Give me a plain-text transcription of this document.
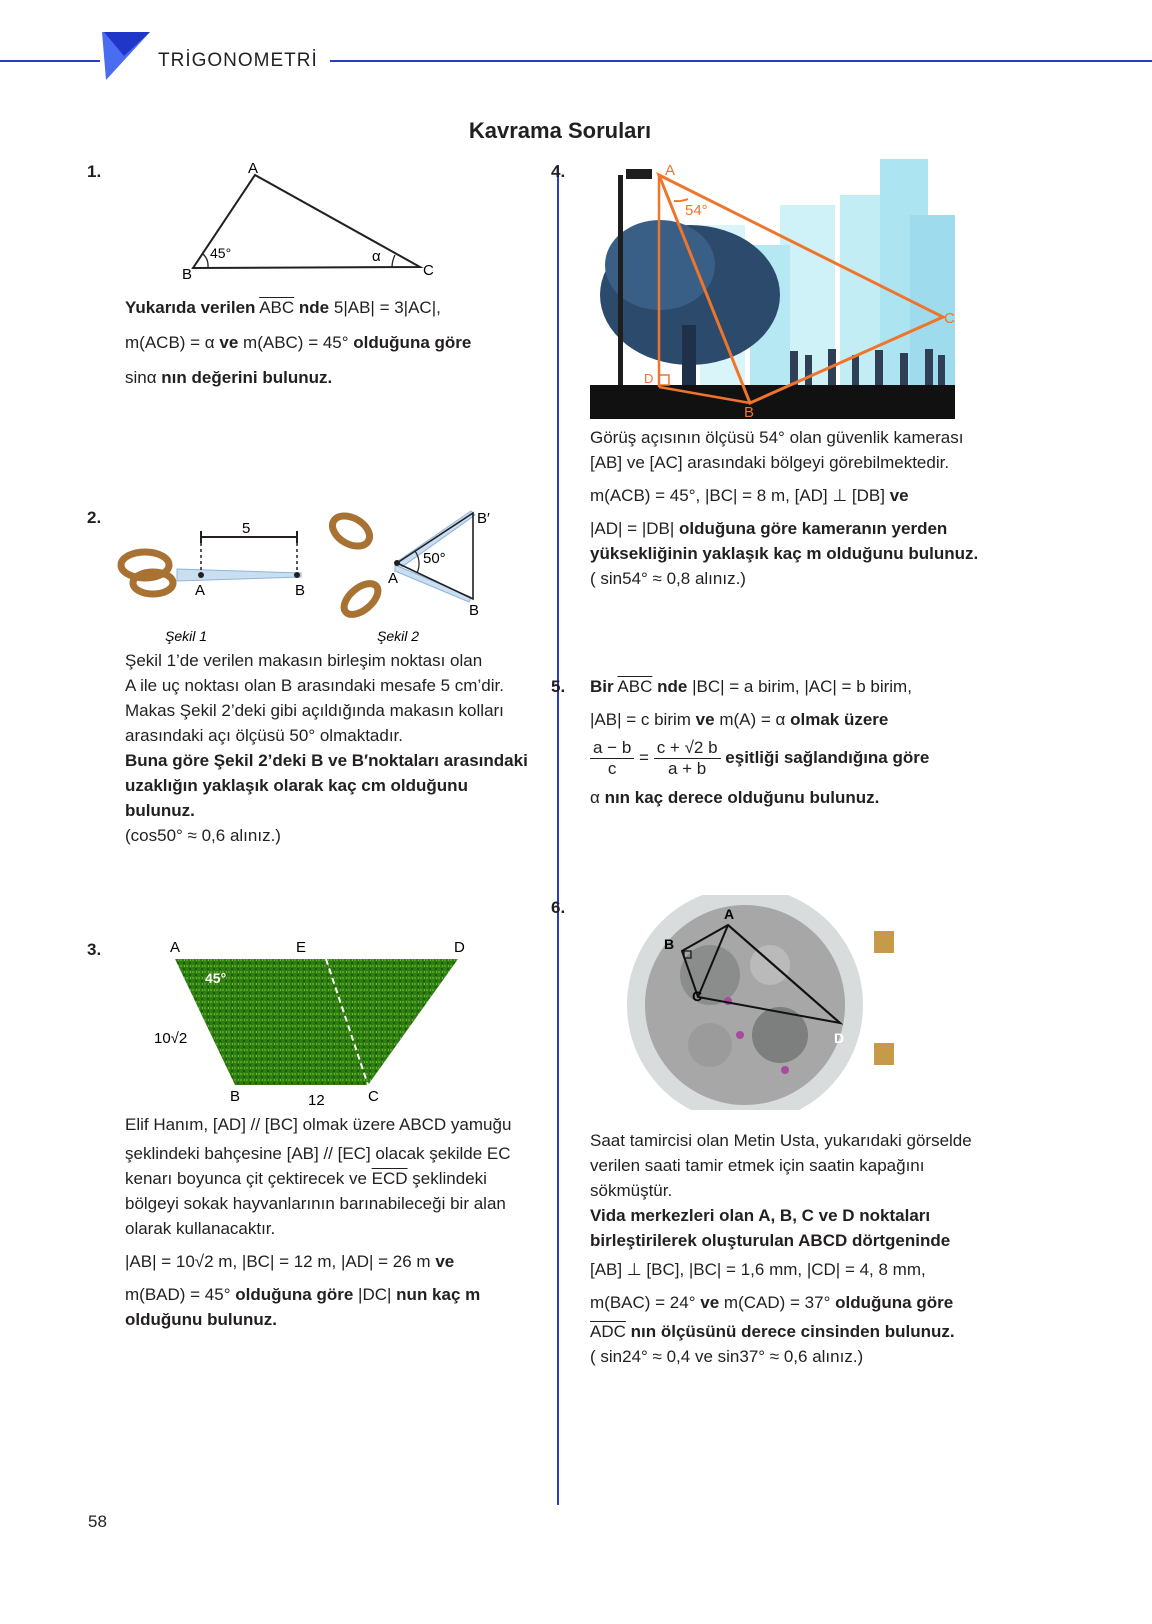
TRİGONOMETRİ
Kavrama Soruları
1.	A
B	C
45°	α
Yukarıda verilen $\overline{ABC}$ nde 5|AB| = 3|AC|,
m(ACB) = α ve m(ABC) = 45° olduğuna göre
sinα nın değerini bulunuz.
2.
5
A	B
B′
50°
A
B
Şekil 1	Şekil 2
Şekil 1’de verilen makasın birleşim noktası olan
A ile uç noktası olan B arasındaki mesafe 5 cm’dir.
Makas Şekil 2’deki gibi açıldığında makasın kolları
arasındaki açı ölçüsü 50° olmaktadır.
Buna göre Şekil 2’deki B ve B′noktaları arasındaki
uzaklığın yaklaşık olarak kaç cm olduğunu
bulunuz.
(cos50° ≈ 0,6 alınız.)
3.	A	E	D
B	C
45°
10√2
12
Elif Hanım, [AD] // [BC] olmak üzere ABCD yamuğu
şeklindeki bahçesine [AB] // [EC] olacak şekilde EC
kenarı boyunca çit çektirecek ve $\overline{ECD}$ şeklindeki
bölgeyi sokak hayvanlarının barınabileceği bir alan
olarak kullanacaktır.
|AB| = 10√2 m, |BC| = 12 m, |AD| = 26 m ve
m(BAD) = 45° olduğuna göre |DC| nun kaç m
olduğunu bulunuz.
4.	A
54°
B
C
D
Görüş açısının ölçüsü 54° olan güvenlik kamerası
[AB] ve [AC] arasındaki bölgeyi görebilmektedir.
m(ACB) = 45°, |BC| = 8 m, [AD] ⊥ [DB] ve
|AD| = |DB| olduğuna göre kameranın yerden
yüksekliğinin yaklaşık kaç m olduğunu bulunuz.
( sin54° ≈ 0,8 alınız.)
5. Bir $\overline{ABC}$ nde |BC| = a birim, |AC| = b birim,
|AB| = c birim ve m(A) = α olmak üzere
$\frac{a - b}{c} = \frac{c + √2 b}{a + b}$ eşitliği sağlandığına göre
α nın kaç derece olduğunu bulunuz.
6.	A
B
C
D
Saat tamircisi olan Metin Usta, yukarıdaki görselde
verilen saati tamir etmek için saatin kapağını
sökmüştür.
Vida merkezleri olan A, B, C ve D noktaları
birleştirilerek oluşturulan ABCD dörtgeninde
[AB] ⊥ [BC], |BC| = 1,6 mm, |CD| = 4, 8 mm,
m(BAC) = 24° ve m(CAD) = 37° olduğuna göre
$\overline{ADC}$ nın ölçüsünü derece cinsinden bulunuz.
( sin24° ≈ 0,4 ve sin37° ≈ 0,6 alınız.)
58
